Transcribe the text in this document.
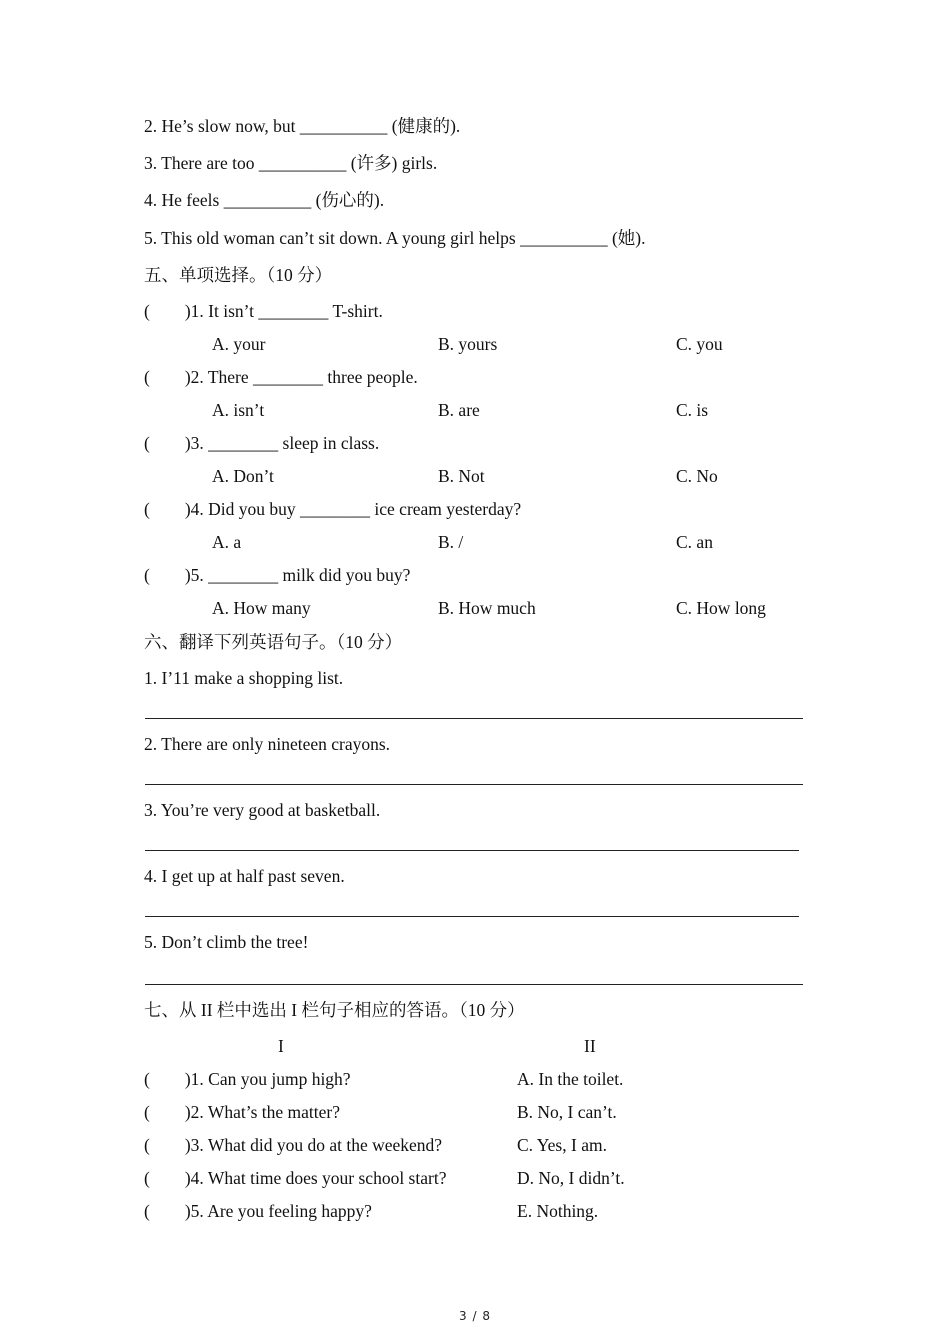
2. He’s slow now, but __________ (健康的).
3. There are too __________ (许多) girls.
4. He feels __________ (伤心的).
5. This old woman can’t sit down. A young girl helps __________ (她).
五、单项选择。（10 分）
(        )1. It isn’t ________ T-shirt.
A. your	B. yours	C. you
(        )2. There ________ three people.
A. isn’t	B. are	C. is
(        )3. ________ sleep in class.
A. Don’t	B. Not	C. No
(        )4. Did you buy ________ ice cream yesterday?
A. a	B. /	C. an
(        )5. ________ milk did you buy?
A. How many	B. How much	C. How long
六、翻译下列英语句子。（10 分）
1. I’11 make a shopping list.
2. There are only nineteen crayons.
3. You’re very good at basketball.
4. I get up at half past seven.
5. Don’t climb the tree!
七、从 II 栏中选出 I 栏句子相应的答语。（10 分）
I	II
(        )1. Can you jump high?	A. In the toilet.
(        )2. What’s the matter?	B. No, I can’t.
(        )3. What did you do at the weekend?	C. Yes, I am.
(        )4. What time does your school start?	D. No, I didn’t.
(        )5. Are you feeling happy?	E. Nothing.
3 / 8
